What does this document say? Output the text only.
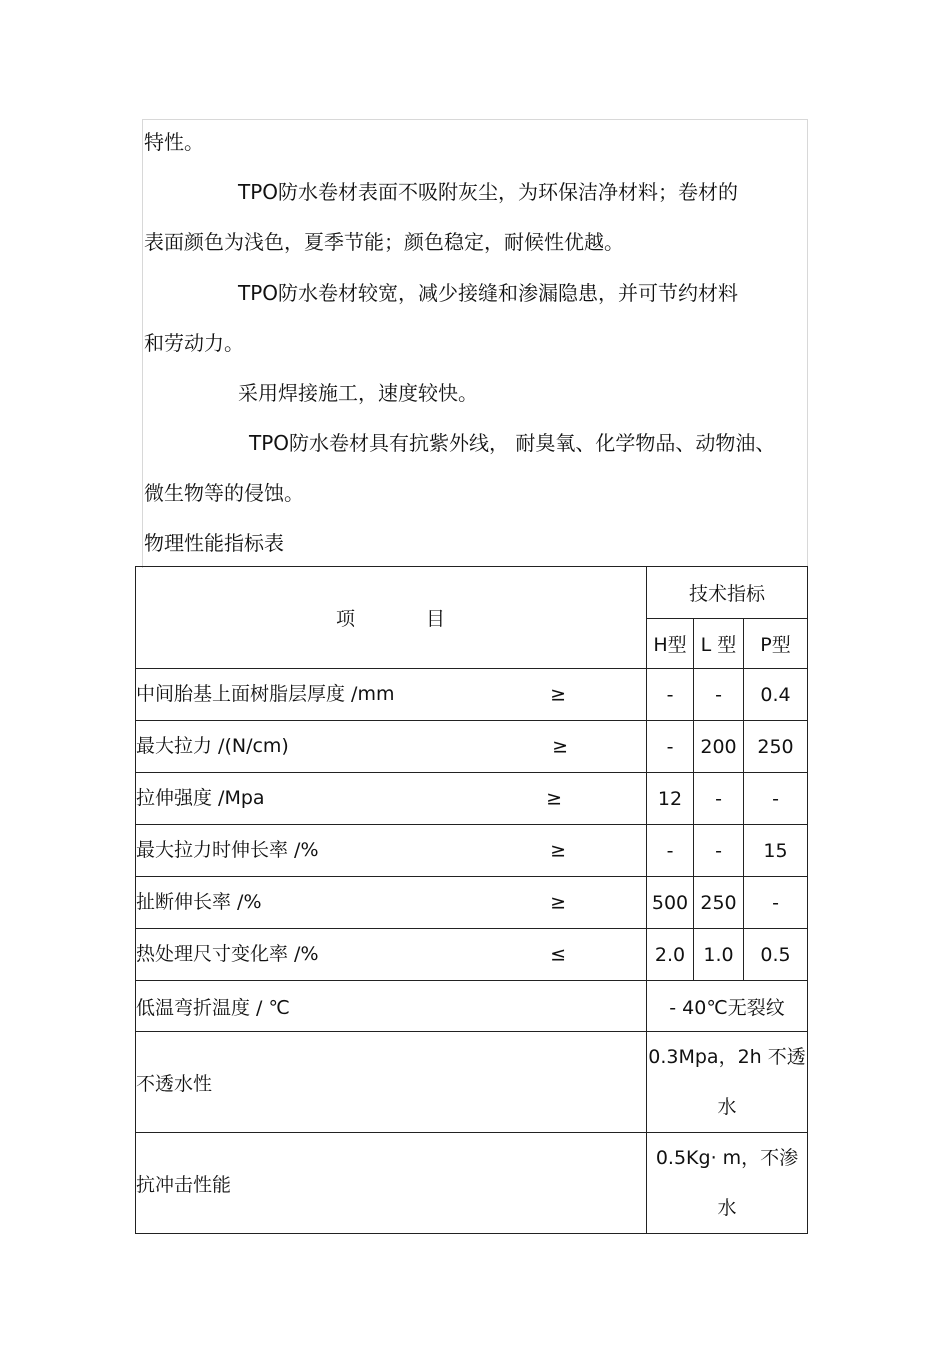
特性。
TPO防水卷材表面不吸附灰尘，为环保洁净材料；卷材的
表面颜色为浅色，夏季节能；颜色稳定，耐候性优越。
TPO防水卷材较宽，减少接缝和渗漏隐患，并可节约材料
和劳动力。
采用焊接施工，速度较快。
TPO防水卷材具有抗紫外线， 耐臭氧、化学物品、动物油、
微生物等的侵蚀。
物理性能指标表
项 目	技术指标		
	H型	L 型	P型

中间胎基上面树脂层厚度 /mm ≥	-	-	0.4

最大拉力 /(N/cm) ≥	-	200	250

拉伸强度 /Mpa ≥	12	-	-

最大拉力时伸长率 /% ≥	-	-	15

扯断伸长率 /% ≥	500	250	-

热处理尺寸变化率 /% ≤	2.0	1.0	0.5
低温弯折温度 / ℃	- 40℃无裂纹		
不透水性	0.3Mpa，2h 不透
水		

抗冲击性能	0.5Kg· m，不渗
水		
